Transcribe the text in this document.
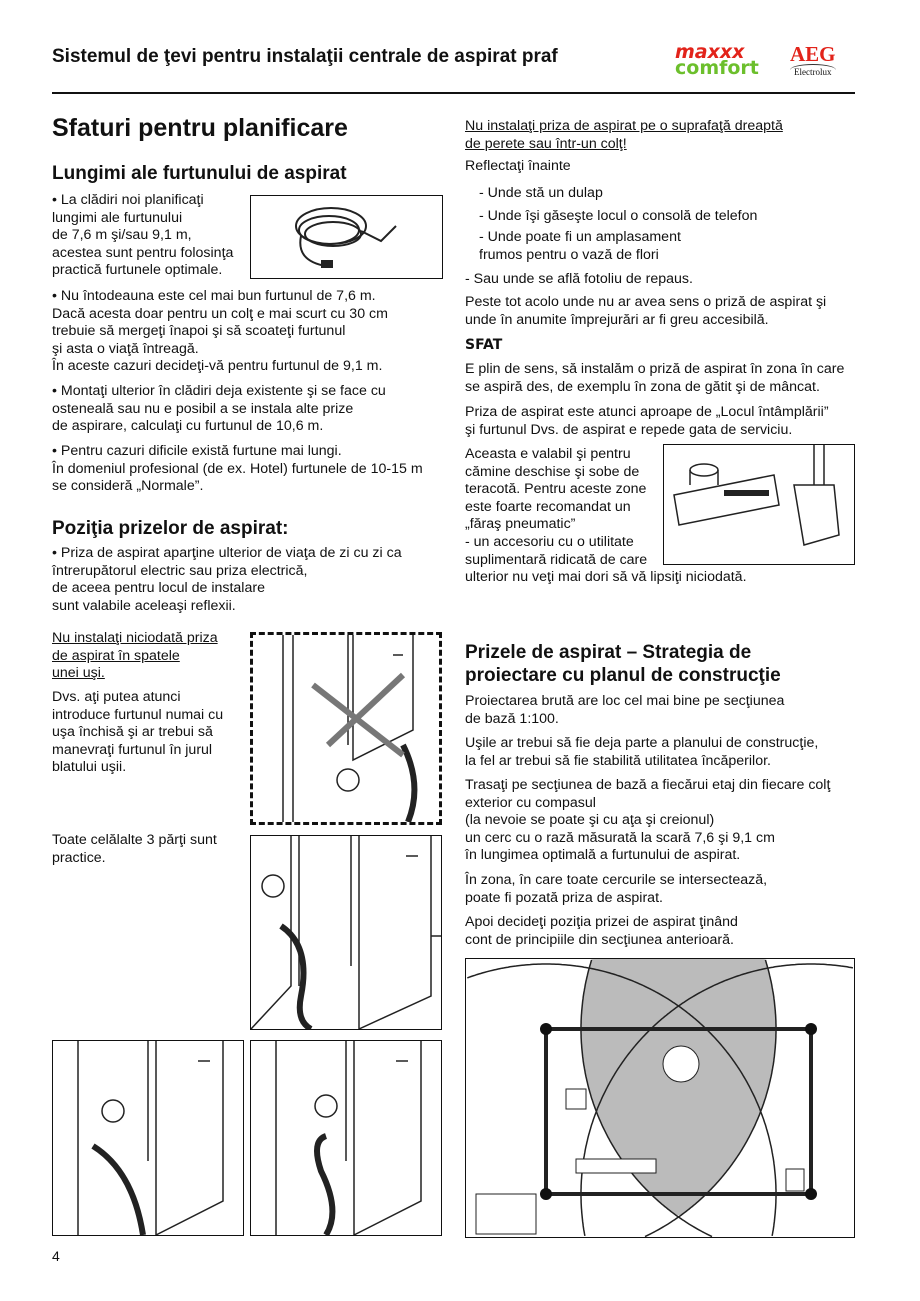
Sistemul de ţevi pentru instalaţii centrale de aspirat praf	maxxx
comfort
AEG
Electrolux
Sfaturi pentru planificare
Lungimi ale furtunului de aspirat
• La clădiri noi planificaţi
lungimi ale furtunului
de 7,6 m şi/sau 9,1 m,
acestea sunt pentru folosinţa
practică furtunele optimale.
• Nu întodeauna este cel mai bun furtunul de 7,6 m.
Dacă acesta doar pentru un colţ e mai scurt cu 30 cm
trebuie să mergeţi înapoi şi să scoateţi furtunul
şi asta o viaţă întreagă.
În aceste cazuri decideţi-vă pentru furtunul de 9,1 m.
• Montaţi ulterior în clădiri deja existente şi se face cu
osteneală sau nu e posibil a se instala alte prize
de aspirare, calculaţi cu furtunul de 10,6 m.
• Pentru cazuri dificile există furtune mai lungi.
În domeniul profesional (de ex. Hotel) furtunele de 10-15 m
se consideră „Normale”.
Poziţia prizelor de aspirat:
• Priza de aspirat aparţine ulterior de viaţa de zi cu zi ca
întrerupătorul electric sau priza electrică,
de aceea pentru locul de instalare
sunt valabile aceleaşi reflexii.
Nu instalaţi niciodată priza
de aspirat în spatele
unei uşi.
Dvs. aţi putea atunci
introduce furtunul numai cu
uşa închisă şi ar trebui să
manevraţi furtunul în jurul
blatului uşii.
Toate celălalte 3 părţi sunt
practice.
Nu instalaţi priza de aspirat pe o suprafaţă dreaptă
de perete sau într-un colţ!
Reflectaţi înainte
- Unde stă un dulap
- Unde îşi găseşte locul o consolă de telefon
- Unde poate fi un amplasament
frumos pentru o vază de flori
- Sau unde se află fotoliu de repaus.
Peste tot acolo unde nu ar avea sens o priză de aspirat şi
unde în anumite împrejurări ar fi greu accesibilă.
SFAT
E plin de sens, să instalăm o priză de aspirat în zona în care
se aspiră des, de exemplu în zona de gătit şi de mâncat.
Priza de aspirat este atunci aproape de „Locul întâmplării”
şi furtunul Dvs. de aspirat e repede gata de serviciu.
Aceasta e valabil şi pentru
cămine deschise şi sobe de
teracotă. Pentru aceste zone
este foarte recomandat un
„făraş pneumatic”
- un accesoriu cu o utilitate
suplimentară ridicată de care
ulterior nu veţi mai dori să vă lipsiţi niciodată.
Prizele de aspirat – Strategia de
proiectare cu planul de construcţie
Proiectarea brută are loc cel mai bine pe secţiunea
de bază 1:100.
Uşile ar trebui să fie deja parte a planului de construcţie,
la fel ar trebui să fie stabilită utilitatea încăperilor.
Trasaţi pe secţiunea de bază a fiecărui etaj din fiecare colţ
exterior cu compasul
(la nevoie se poate şi cu aţa şi creionul)
un cerc cu o rază măsurată la scară 7,6 şi 9,1 cm
în lungimea optimală a furtunului de aspirat.
În zona, în care toate cercurile se intersectează,
poate fi pozată priza de aspirat.
Apoi decideţi poziţia prizei de aspirat ţinând
cont de principiile din secţiunea anterioară.
4
